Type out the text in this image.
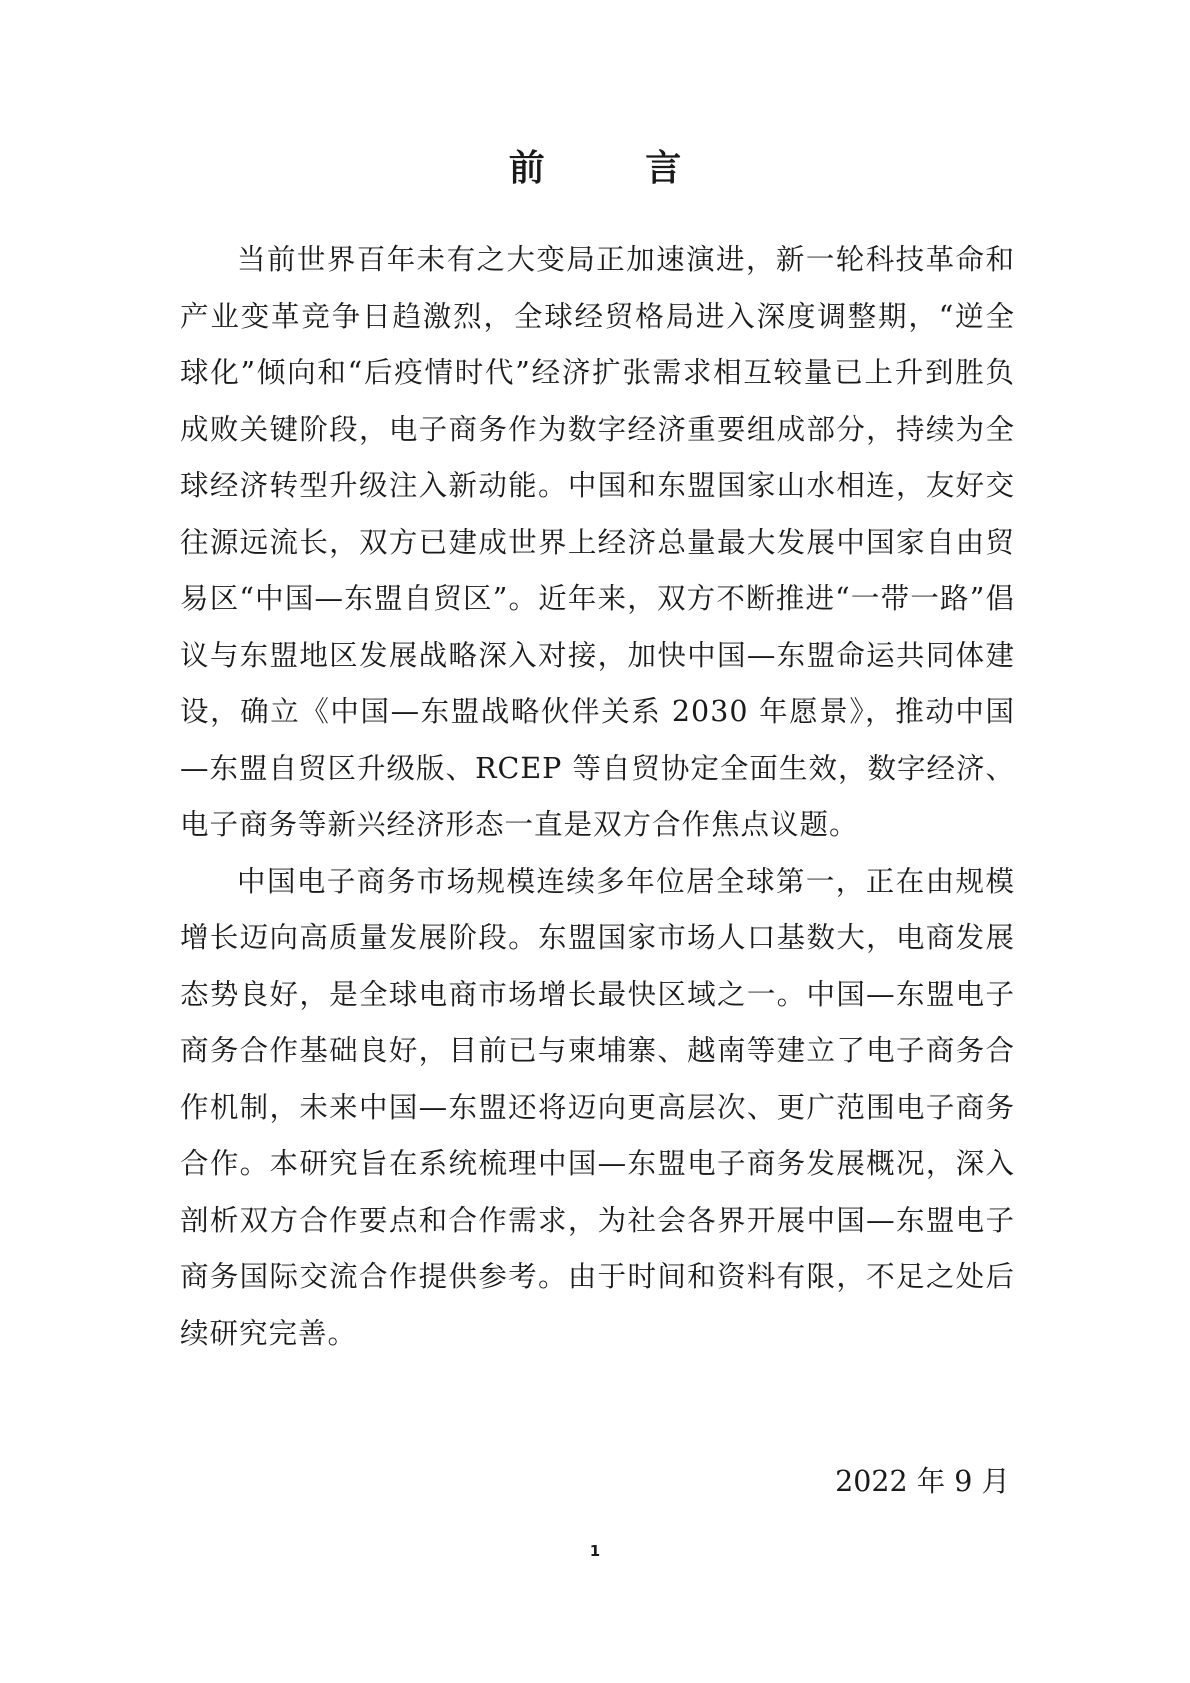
前 言

当前世界百年未有之大变局正加速演进，新一轮科技革命和产业变革竞争日趋激烈，全球经贸格局进入深度调整期，“逆全球化”倾向和“后疫情时代”经济扩张需求相互较量已上升到胜负成败关键阶段，电子商务作为数字经济重要组成部分，持续为全球经济转型升级注入新动能。中国和东盟国家山水相连，友好交往源远流长，双方已建成世界上经济总量最大发展中国家自由贸易区“中国—东盟自贸区”。近年来，双方不断推进“一带一路”倡议与东盟地区发展战略深入对接，加快中国—东盟命运共同体建设，确立《中国—东盟战略伙伴关系 2030 年愿景》，推动中国—东盟自贸区升级版、RCEP 等自贸协定全面生效，数字经济、电子商务等新兴经济形态一直是双方合作焦点议题。

中国电子商务市场规模连续多年位居全球第一，正在由规模增长迈向高质量发展阶段。东盟国家市场人口基数大，电商发展态势良好，是全球电商市场增长最快区域之一。中国—东盟电子商务合作基础良好，目前已与柬埔寨、越南等建立了电子商务合作机制，未来中国—东盟还将迈向更高层次、更广范围电子商务合作。本研究旨在系统梳理中国—东盟电子商务发展概况，深入剖析双方合作要点和合作需求，为社会各界开展中国—东盟电子商务国际交流合作提供参考。由于时间和资料有限，不足之处后续研究完善。

2022 年 9 月

1
